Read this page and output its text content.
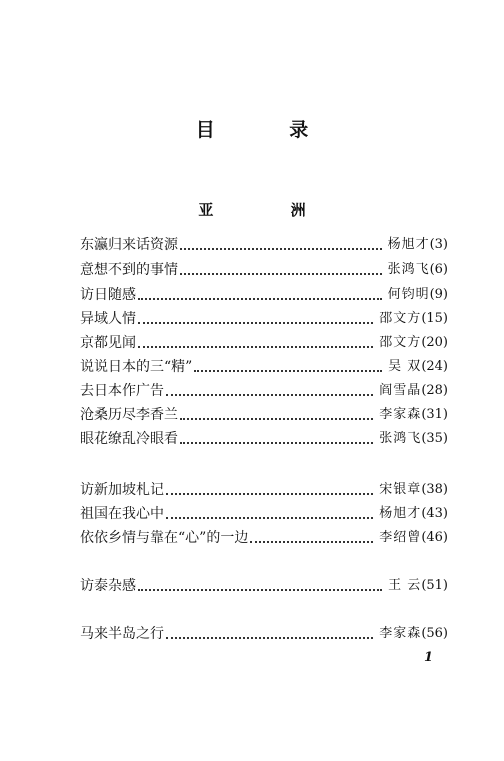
目 录
亚 洲
东瀛归来话资源	杨旭才 (3)
意想不到的事情	张鸿飞 (6)
访日随感	何钧明 (9)
异域人情	邵文方 (15)
京都见闻	邵文方 (20)
说说日本的三“精”	吴 双 (24)
去日本作广告	阎雪晶 (28)
沧桑历尽李香兰	李家森 (31)
眼花缭乱冷眼看	张鸿飞 (35)
访新加坡札记	宋银章 (38)
祖国在我心中	杨旭才 (43)
依依乡情与靠在“心”的一边	李绍曾 (46)
访泰杂感	王 云 (51)
马来半岛之行	李家森 (56)
1
